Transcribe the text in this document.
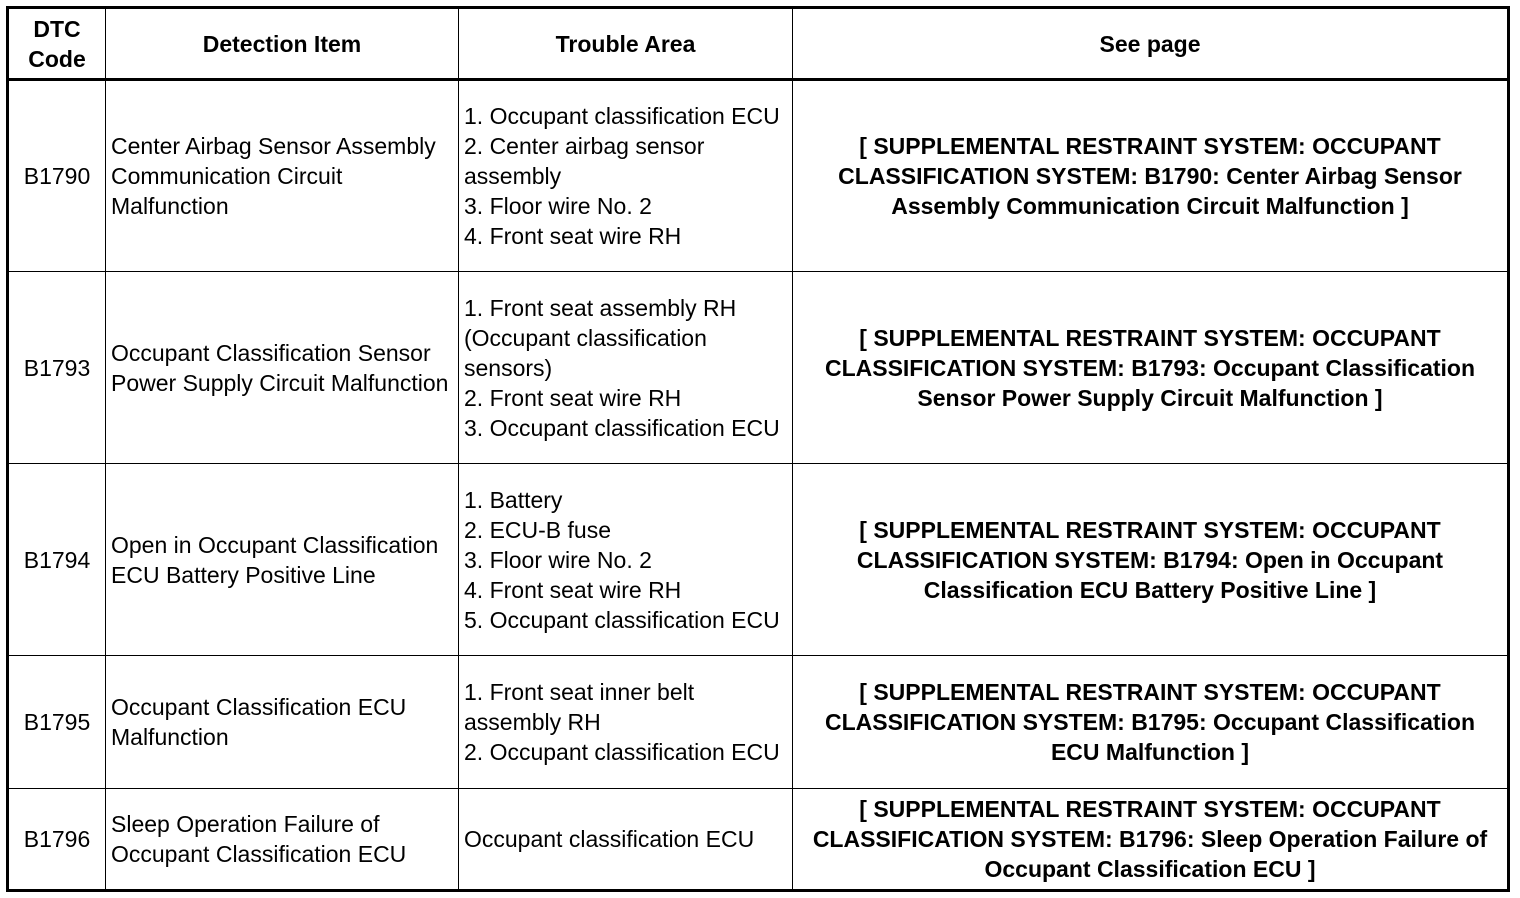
DTC
Code	Detection Item	Trouble Area	See page
B1790	Center Airbag Sensor Assembly Communication Circuit Malfunction	1. Occupant classification ECU
2. Center airbag sensor assembly
3. Floor wire No. 2
4. Front seat wire RH	[ SUPPLEMENTAL RESTRAINT SYSTEM: OCCUPANT CLASSIFICATION SYSTEM: B1790: Center Airbag Sensor Assembly Communication Circuit Malfunction ]
B1793	Occupant Classification Sensor Power Supply Circuit Malfunction	1. Front seat assembly RH (Occupant classification sensors)
2. Front seat wire RH
3. Occupant classification ECU	[ SUPPLEMENTAL RESTRAINT SYSTEM: OCCUPANT CLASSIFICATION SYSTEM: B1793: Occupant Classification Sensor Power Supply Circuit Malfunction ]
B1794	Open in Occupant Classification ECU Battery Positive Line	1. Battery
2. ECU-B fuse
3. Floor wire No. 2
4. Front seat wire RH
5. Occupant classification ECU	[ SUPPLEMENTAL RESTRAINT SYSTEM: OCCUPANT CLASSIFICATION SYSTEM: B1794: Open in Occupant Classification ECU Battery Positive Line ]
B1795	Occupant Classification ECU Malfunction	1. Front seat inner belt assembly RH
2. Occupant classification ECU	[ SUPPLEMENTAL RESTRAINT SYSTEM: OCCUPANT CLASSIFICATION SYSTEM: B1795: Occupant Classification ECU Malfunction ]
B1796	Sleep Operation Failure of Occupant Classification ECU	Occupant classification ECU	[ SUPPLEMENTAL RESTRAINT SYSTEM: OCCUPANT CLASSIFICATION SYSTEM: B1796: Sleep Operation Failure of Occupant Classification ECU ]
